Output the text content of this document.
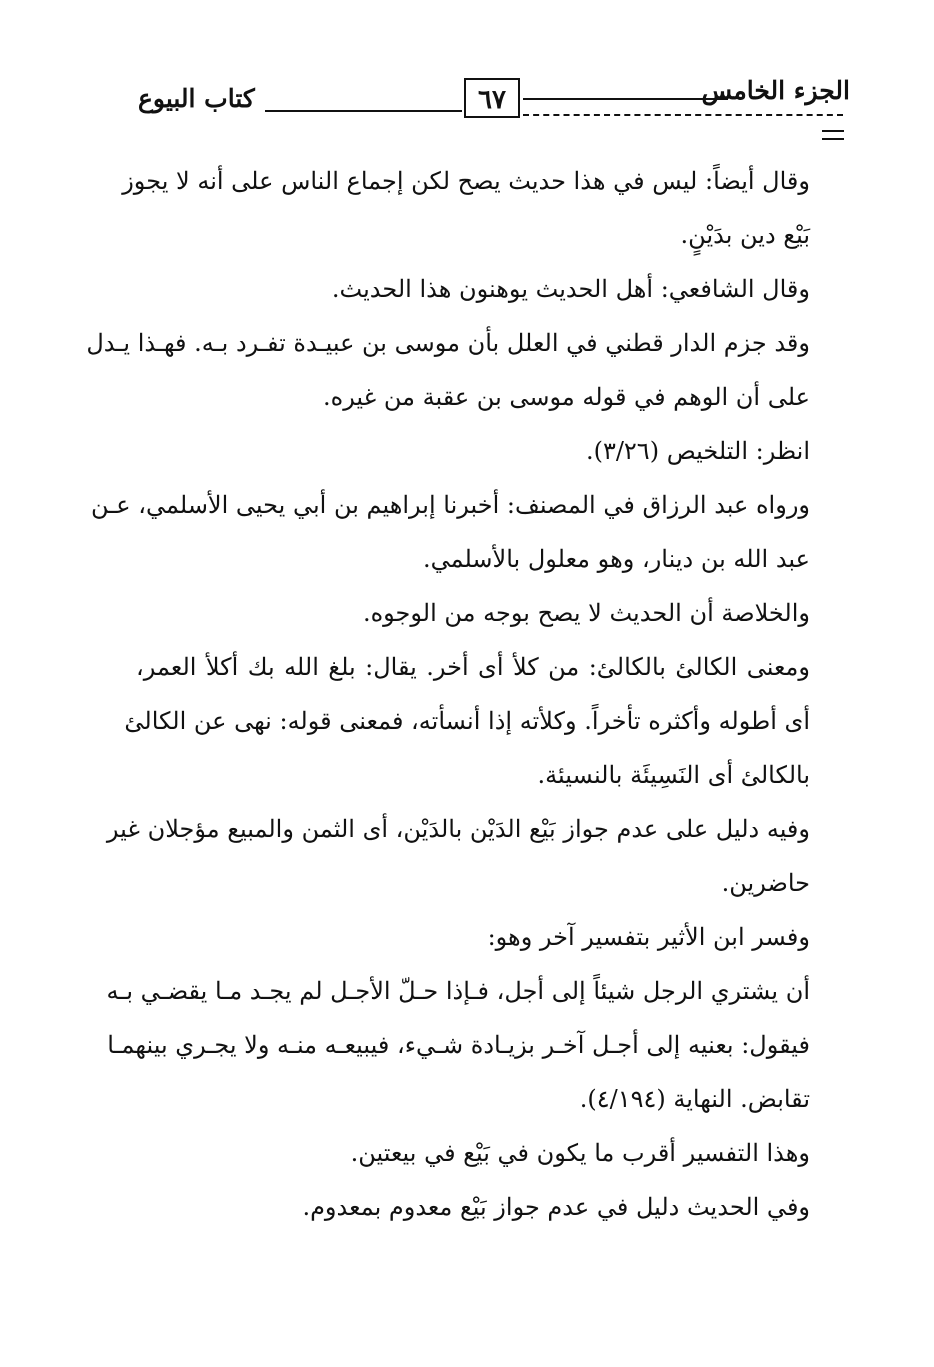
الجزء الخامس
٦٧
كتاب البيوع
وقال أيضاً: ليس في هذا حديث يصح لكن إجماع الناس على أنه لا يجوز
بَيْع دين بدَيْنٍ.
وقال الشافعي: أهل الحديث يوهنون هذا الحديث.
وقد جزم الدار قطني في العلل بأن موسى بن عبيـدة تفـرد بـه. فهـذا يـدل
على أن الوهم في قوله موسى بن عقبة من غيره.
انظر: التلخيص (٣/٢٦).
ورواه عبد الرزاق في المصنف: أخبرنا إبراهيم بن أبي يحيى الأسلمي، عـن
عبد الله بن دينار، وهو معلول بالأسلمي.
والخلاصة أن الحديث لا يصح بوجه من الوجوه.
ومعنى الكالئ بالكالئ: من كلأ أى أخر. يقال: بلغ الله بك أكلأ العمر،
أى أطوله وأكثره تأخراً. وكلأته إذا أنسأته، فمعنى قوله: نهى عن الكالئ
بالكالئ أى النَسِيئَة بالنسيئة.
وفيه دليل على عدم جواز بَيْع الدَيْن بالدَيْن، أى الثمن والمبيع مؤجلان غير
حاضرين.
وفسر ابن الأثير بتفسير آخر وهو:
أن يشتري الرجل شيئاً إلى أجل، فـإذا حـلّ الأجـل لم يجـد مـا يقضـي بـه
فيقول: بعنيه إلى أجـل آخـر بزيـادة شـيء، فيبيعـه منـه ولا يجـري بينهمـا
تقابض. النهاية (٤/١٩٤).
وهذا التفسير أقرب ما يكون في بَيْع في بيعتين.
وفي الحديث دليل في عدم جواز بَيْع معدوم بمعدوم.
